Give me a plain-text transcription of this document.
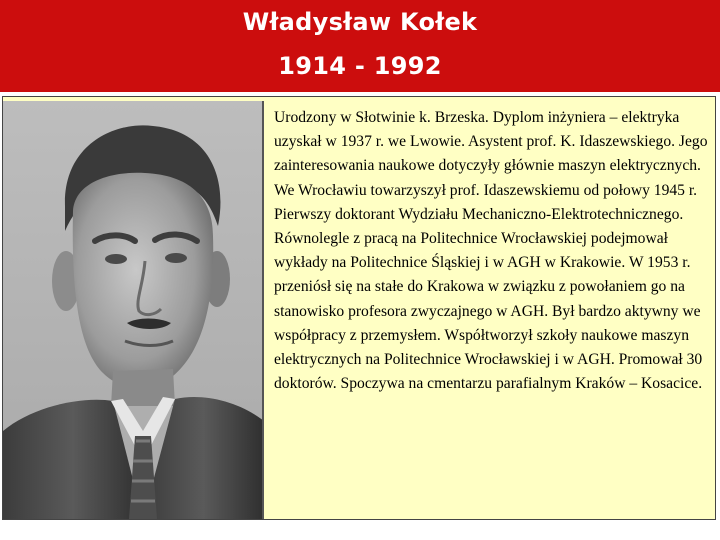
Władysław Kołek
1914 - 1992

Urodzony w Słotwinie k. Brzeska. Dyplom inżyniera – elektryka uzyskał w 1937 r. we Lwowie. Asystent prof. K. Idaszewskiego. Jego zainteresowania naukowe dotyczyły głównie maszyn elektrycznych. We Wrocławiu towarzyszył prof. Idaszewskiemu od połowy 1945 r. Pierwszy doktorant Wydziału Mechaniczno-Elektrotechnicznego. Równolegle z pracą na Politechnice Wrocławskiej podejmował wykłady na Politechnice Śląskiej i w AGH w Krakowie. W 1953 r. przeniósł się na stałe do Krakowa w związku z powołaniem go na stanowisko profesora zwyczajnego w AGH. Był bardzo aktywny we współpracy z przemysłem. Współtworzył szkoły naukowe maszyn elektrycznych na Politechnice Wrocławskiej i w AGH. Promował 30 doktorów. Spoczywa na cmentarzu parafialnym Kraków – Kosacice.
